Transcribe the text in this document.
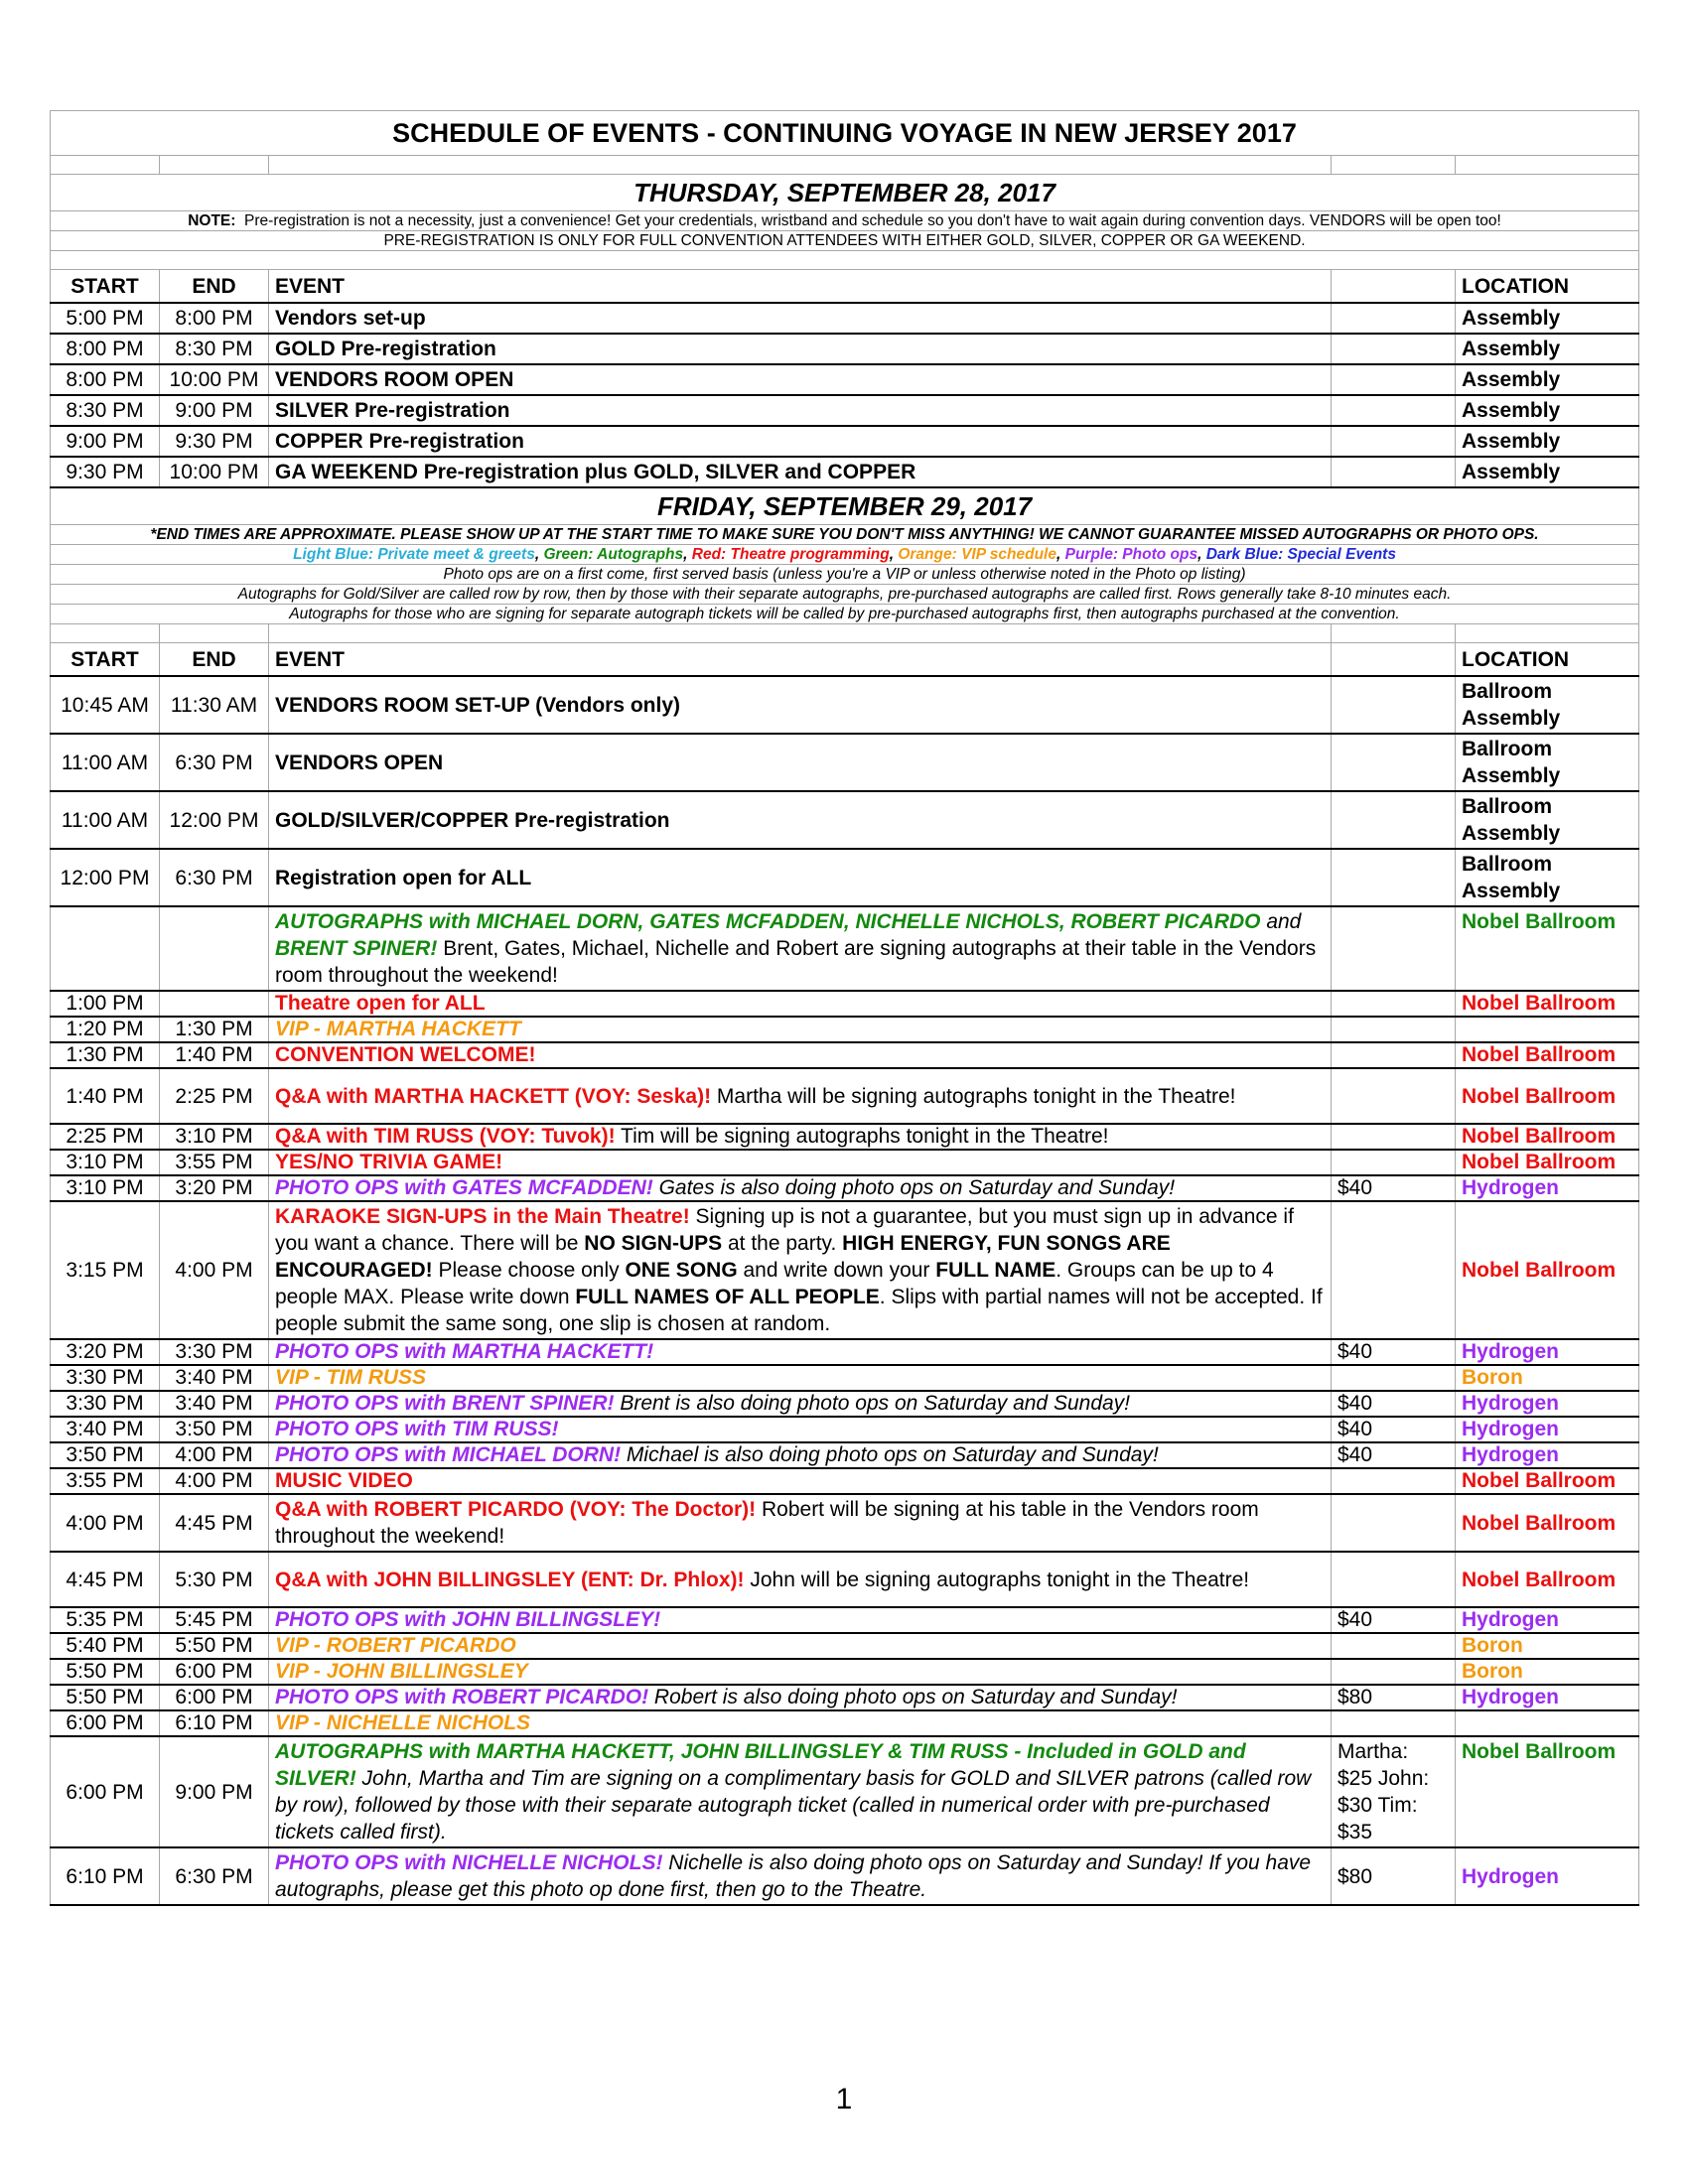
SCHEDULE OF EVENTS - CONTINUING VOYAGE IN NEW JERSEY 2017				

THURSDAY, SEPTEMBER 28, 2017				
NOTE: Pre-registration is not a necessity, just a convenience! Get your credentials, wristband and schedule so you don't have to wait again during convention days. VENDORS will be open too!				
PRE-REGISTRATION IS ONLY FOR FULL CONVENTION ATTENDEES WITH EITHER GOLD, SILVER, COPPER OR GA WEEKEND.				

START	END	EVENT		LOCATION
5:00 PM	8:00 PM	Vendors set-up		Assembly
8:00 PM	8:30 PM	GOLD Pre-registration		Assembly
8:00 PM	10:00 PM	VENDORS ROOM OPEN		Assembly
8:30 PM	9:00 PM	SILVER Pre-registration		Assembly
9:00 PM	9:30 PM	COPPER Pre-registration		Assembly
9:30 PM	10:00 PM	GA WEEKEND Pre-registration plus GOLD, SILVER and COPPER		Assembly
FRIDAY, SEPTEMBER 29, 2017				
*END TIMES ARE APPROXIMATE. PLEASE SHOW UP AT THE START TIME TO MAKE SURE YOU DON'T MISS ANYTHING! WE CANNOT GUARANTEE MISSED AUTOGRAPHS OR PHOTO OPS.				
Light Blue: Private meet & greets, Green: Autographs, Red: Theatre programming, Orange: VIP schedule, Purple: Photo ops, Dark Blue: Special Events				
Photo ops are on a first come, first served basis (unless you're a VIP or unless otherwise noted in the Photo op listing)				
Autographs for Gold/Silver are called row by row, then by those with their separate autographs, pre-purchased autographs are called first. Rows generally take 8-10 minutes each.				
Autographs for those who are signing for separate autograph tickets will be called by pre-purchased autographs first, then autographs purchased at the convention.				

START	END	EVENT		LOCATION
10:45 AM	11:30 AM	VENDORS ROOM SET-UP (Vendors only)		Ballroom
Assembly

11:00 AM	6:30 PM	VENDORS OPEN		Ballroom
Assembly

11:00 AM	12:00 PM	GOLD/SILVER/COPPER Pre-registration		Ballroom
Assembly

12:00 PM	6:30 PM	Registration open for ALL		Ballroom
Assembly

		AUTOGRAPHS with MICHAEL DORN, GATES MCFADDEN, NICHELLE NICHOLS, ROBERT PICARDO and BRENT SPINER! Brent, Gates, Michael, Nichelle and Robert are signing autographs at their table in the Vendors room throughout the weekend!		Nobel Ballroom
1:00 PM		Theatre open for ALL		Nobel Ballroom
1:20 PM	1:30 PM	VIP - MARTHA HACKETT		
1:30 PM	1:40 PM	CONVENTION WELCOME!		Nobel Ballroom
1:40 PM	2:25 PM	Q&A with MARTHA HACKETT (VOY: Seska)! Martha will be signing autographs tonight in the Theatre!		Nobel Ballroom
2:25 PM	3:10 PM	Q&A with TIM RUSS (VOY: Tuvok)! Tim will be signing autographs tonight in the Theatre!		Nobel Ballroom
3:10 PM	3:55 PM	YES/NO TRIVIA GAME!		Nobel Ballroom
3:10 PM	3:20 PM	PHOTO OPS with GATES MCFADDEN! Gates is also doing photo ops on Saturday and Sunday!	$40	Hydrogen
3:15 PM	4:00 PM	KARAOKE SIGN-UPS in the Main Theatre! Signing up is not a guarantee, but you must sign up in advance if you want a chance. There will be NO SIGN-UPS at the party. HIGH ENERGY, FUN SONGS ARE ENCOURAGED! Please choose only ONE SONG and write down your FULL NAME. Groups can be up to 4 people MAX. Please write down FULL NAMES OF ALL PEOPLE. Slips with partial names will not be accepted. If people submit the same song, one slip is chosen at random.		Nobel Ballroom
3:20 PM	3:30 PM	PHOTO OPS with MARTHA HACKETT!	$40	Hydrogen
3:30 PM	3:40 PM	VIP - TIM RUSS		Boron
3:30 PM	3:40 PM	PHOTO OPS with BRENT SPINER! Brent is also doing photo ops on Saturday and Sunday!	$40	Hydrogen
3:40 PM	3:50 PM	PHOTO OPS with TIM RUSS!	$40	Hydrogen
3:50 PM	4:00 PM	PHOTO OPS with MICHAEL DORN! Michael is also doing photo ops on Saturday and Sunday!	$40	Hydrogen
3:55 PM	4:00 PM	MUSIC VIDEO		Nobel Ballroom
4:00 PM	4:45 PM	Q&A with ROBERT PICARDO (VOY: The Doctor)! Robert will be signing at his table in the Vendors room throughout the weekend!		Nobel Ballroom
4:45 PM	5:30 PM	Q&A with JOHN BILLINGSLEY (ENT: Dr. Phlox)! John will be signing autographs tonight in the Theatre!		Nobel Ballroom
5:35 PM	5:45 PM	PHOTO OPS with JOHN BILLINGSLEY!	$40	Hydrogen
5:40 PM	5:50 PM	VIP - ROBERT PICARDO		Boron
5:50 PM	6:00 PM	VIP - JOHN BILLINGSLEY		Boron
5:50 PM	6:00 PM	PHOTO OPS with ROBERT PICARDO! Robert is also doing photo ops on Saturday and Sunday!	$80	Hydrogen
6:00 PM	6:10 PM	VIP - NICHELLE NICHOLS		
6:00 PM	9:00 PM	AUTOGRAPHS with MARTHA HACKETT, JOHN BILLINGSLEY & TIM RUSS - Included in GOLD and SILVER! John, Martha and Tim are signing on a complimentary basis for GOLD and SILVER patrons (called row by row), followed by those with their separate autograph ticket (called in numerical order with pre-purchased tickets called first).	Martha: $25 John: $30 Tim: $35	Nobel Ballroom
6:10 PM	6:30 PM	PHOTO OPS with NICHELLE NICHOLS! Nichelle is also doing photo ops on Saturday and Sunday! If you have autographs, please get this photo op done first, then go to the Theatre.	$80	Hydrogen
1
